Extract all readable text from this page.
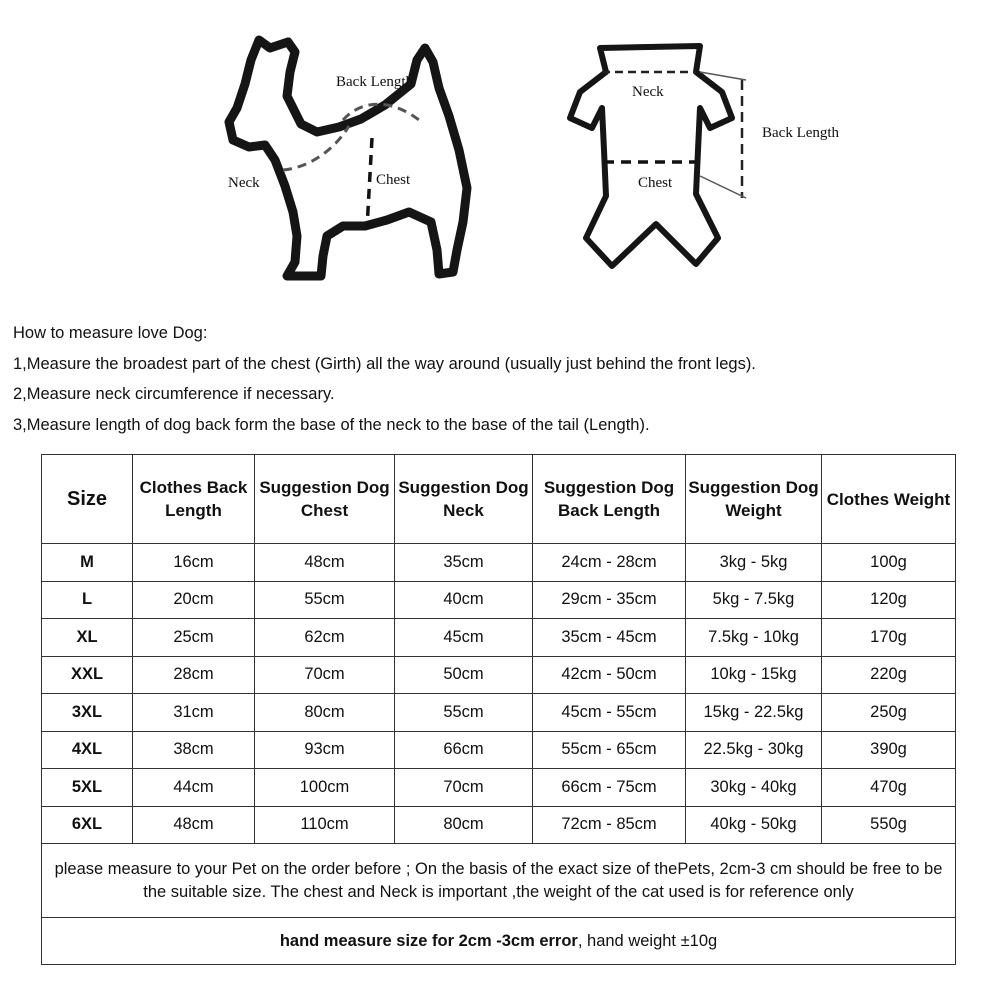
Back Length
Neck	Chest
Neck
Back Length
Chest

How to measure love Dog:

1,Measure the broadest part of the chest (Girth) all the way around (usually just behind the front legs).

2,Measure neck circumference if necessary.

3,Measure length of dog back form the base of the neck to the base of the tail (Length).

Size	Clothes Back Length	Suggestion Dog Chest	Suggestion Dog Neck	Suggestion Dog Back Length	Suggestion Dog Weight	Clothes Weight
M	16cm	48cm	35cm	24cm - 28cm	3kg - 5kg	100g
L	20cm	55cm	40cm	29cm - 35cm	5kg - 7.5kg	120g
XL	25cm	62cm	45cm	35cm - 45cm	7.5kg - 10kg	170g
XXL	28cm	70cm	50cm	42cm - 50cm	10kg - 15kg	220g
3XL	31cm	80cm	55cm	45cm - 55cm	15kg - 22.5kg	250g
4XL	38cm	93cm	66cm	55cm - 65cm	22.5kg - 30kg	390g
5XL	44cm	100cm	70cm	66cm - 75cm	30kg - 40kg	470g
6XL	48cm	110cm	80cm	72cm - 85cm	40kg - 50kg	550g
please measure to your Pet on the order before ; On the basis of the exact size of thePets, 2cm-3 cm should be free to be the suitable size. The chest and Neck is important ,the weight of the cat used is for reference only						
hand measure size for 2cm -3cm error, hand weight ±10g						
